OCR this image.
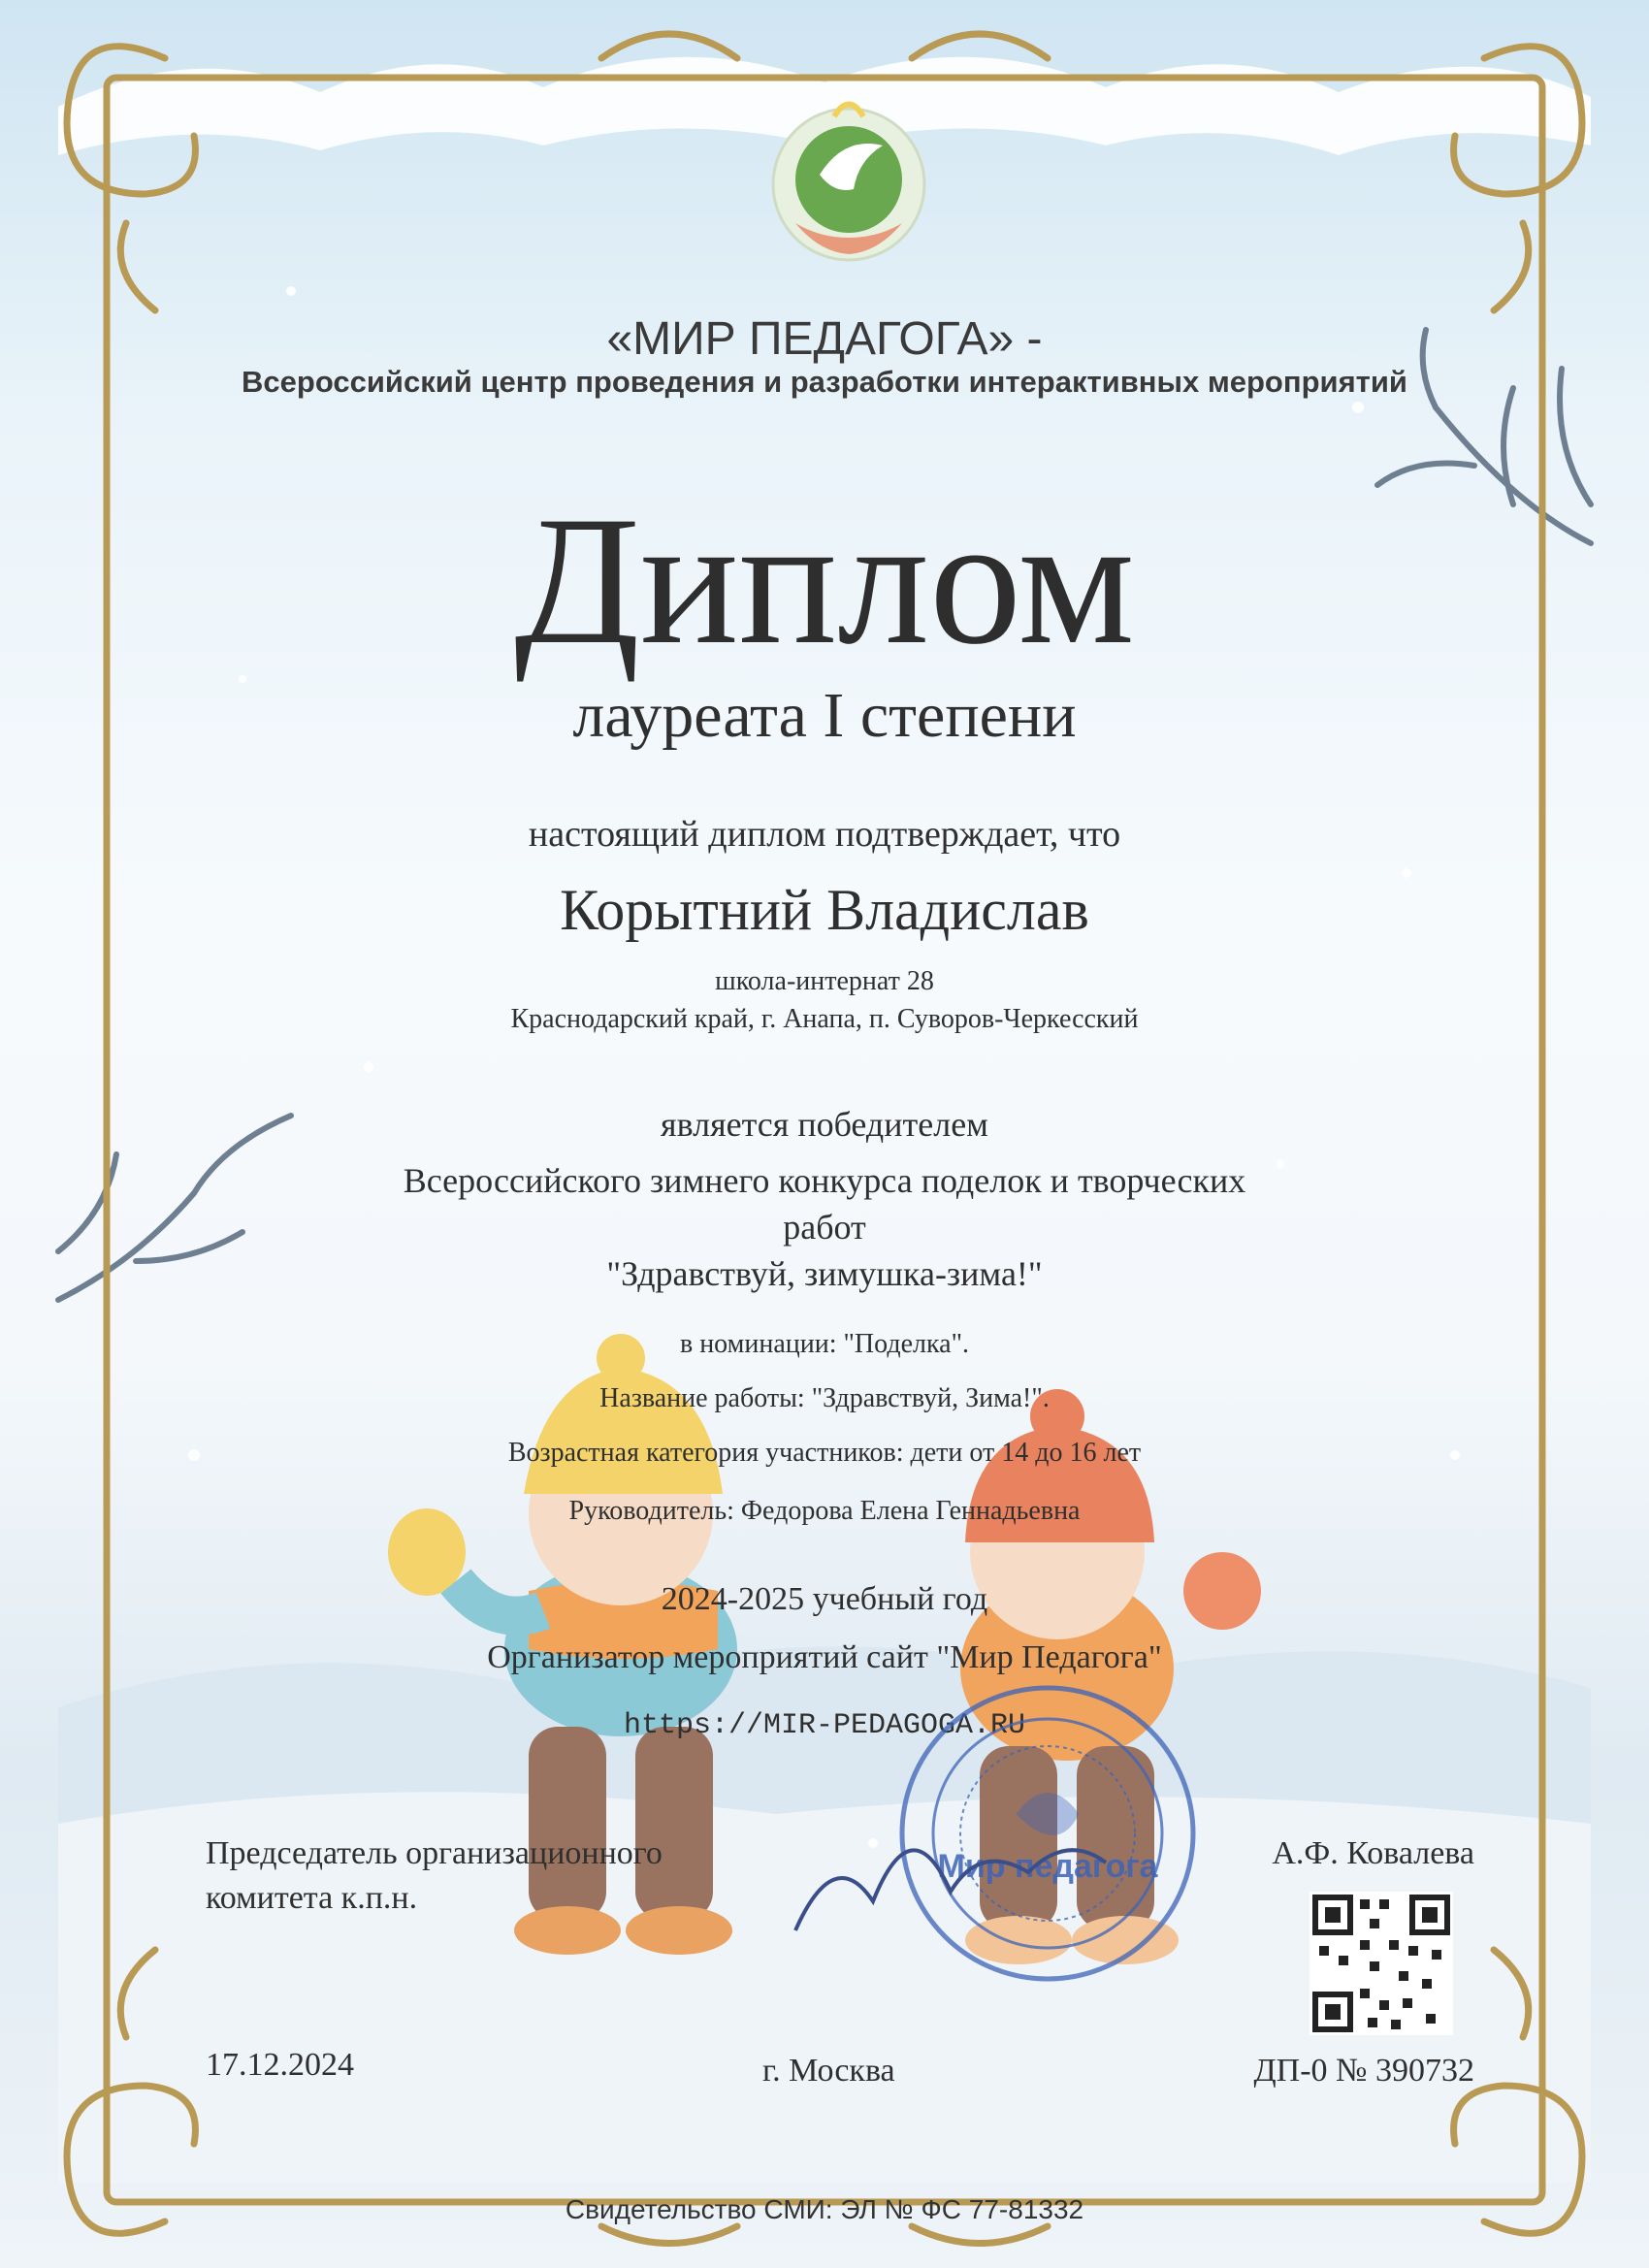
«МИР ПЕДАГОГА» -
Всероссийский центр проведения и разработки интерактивных мероприятий
Диплом
лауреата I степени
настоящий диплом подтверждает, что
Корытний Владислав
школа-интернат 28
Краснодарский край, г. Анапа, п. Суворов-Черкесский
является победителем
Всероссийского зимнего конкурса поделок и творческих
работ
"Здравствуй, зимушка-зима!"
в номинации: "Поделка".
Название работы: "Здравствуй, Зима!".
Возрастная категория участников: дети от 14 до 16 лет
Руководитель: Федорова Елена Геннадьевна
2024-2025 учебный год
Организатор мероприятий сайт "Мир Педагога"
https://MIR-PEDAGOGA.RU
Мир педагога
Председатель организационного
комитета к.п.н.
А.Ф. Ковалева
17.12.2024	г. Москва	ДП-0 № 390732
Свидетельство СМИ: ЭЛ № ФС 77-81332
